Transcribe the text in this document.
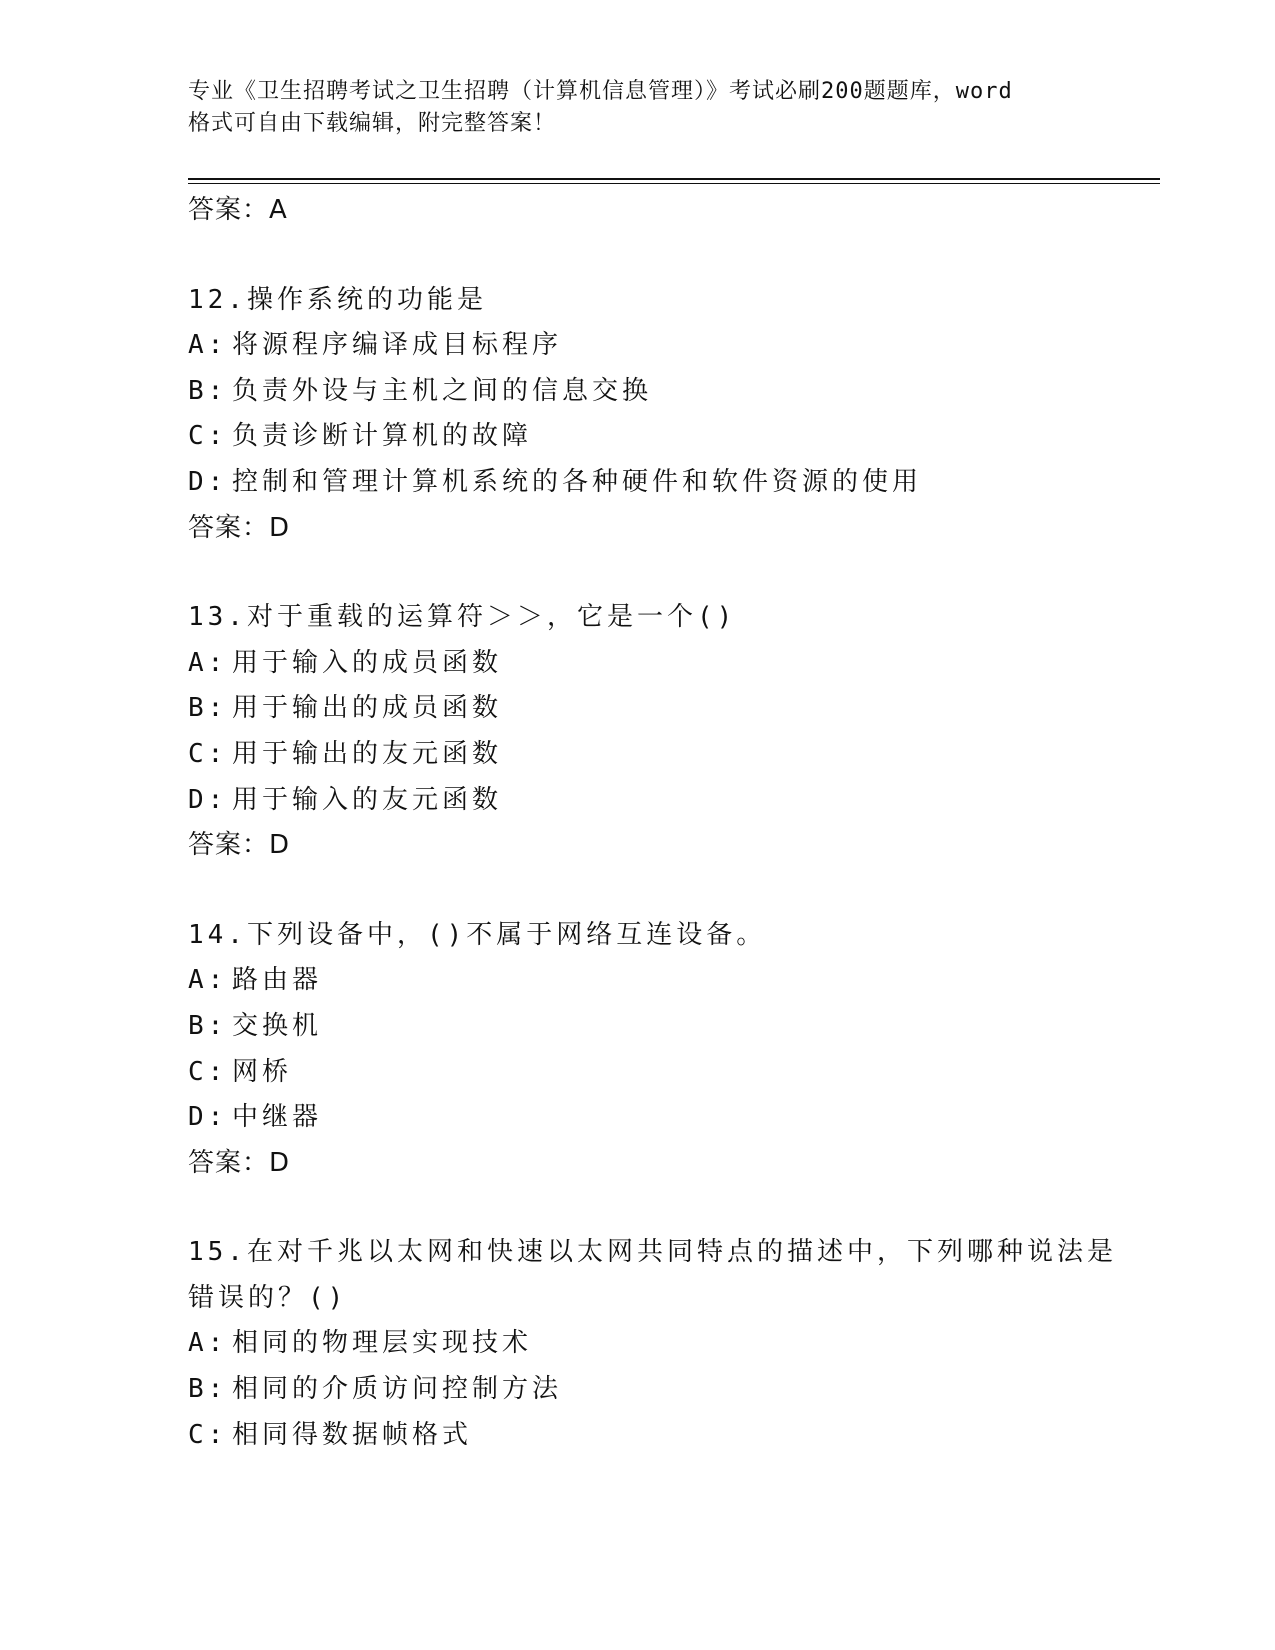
专业《卫生招聘考试之卫生招聘（计算机信息管理）》考试必刷200题题库，word
格式可自由下载编辑，附完整答案！
答案：A
12.操作系统的功能是
A: 将源程序编译成目标程序
B: 负责外设与主机之间的信息交换
C: 负责诊断计算机的故障
D: 控制和管理计算机系统的各种硬件和软件资源的使用
答案：D
13.对于重载的运算符＞＞，它是一个()
A: 用于输入的成员函数
B: 用于输出的成员函数
C: 用于输出的友元函数
D: 用于输入的友元函数
答案：D
14.下列设备中，()不属于网络互连设备。
A: 路由器
B: 交换机
C: 网桥
D: 中继器
答案：D
15.在对千兆以太网和快速以太网共同特点的描述中，下列哪种说法是
错误的？()
A: 相同的物理层实现技术
B: 相同的介质访问控制方法
C: 相同得数据帧格式
